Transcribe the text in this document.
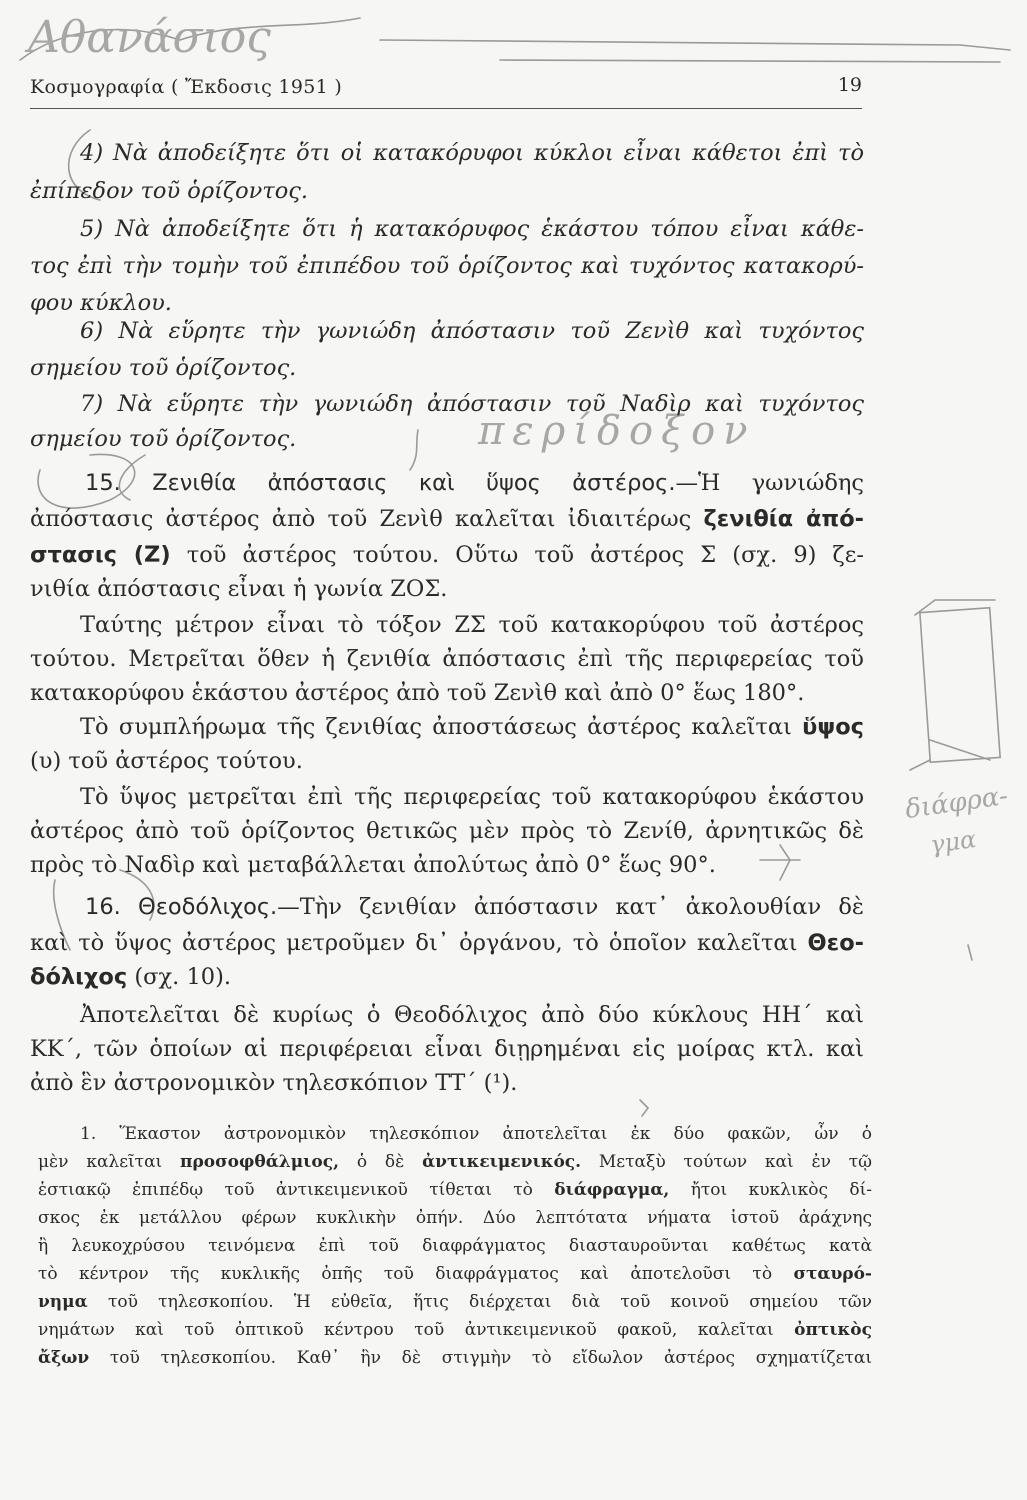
Αθανάσιος
περίδοξον
διάφρα-
γμα
Κοσμογραφία ( Ἔκδοσις 1951 )	19
4) Νὰ ἀποδείξητε ὅτι οἱ κατακόρυφοι κύκλοι εἶναι κάθετοι ἐπὶ τὸ
ἐπίπεδον τοῦ ὁρίζοντος.
5) Νὰ ἀποδείξητε ὅτι ἡ κατακόρυφος ἑκάστου τόπου εἶναι κάθε-
τος ἐπὶ τὴν τομὴν τοῦ ἐπιπέδου τοῦ ὁρίζοντος καὶ τυχόντος κατακορύ-
φου κύκλου.
6) Νὰ εὕρητε τὴν γωνιώδη ἀπόστασιν τοῦ Ζενὶθ καὶ τυχόντος
σημείου τοῦ ὁρίζοντος.
7) Νὰ εὕρητε τὴν γωνιώδη ἀπόστασιν τοῦ Ναδὶρ καὶ τυχόντος
σημείου τοῦ ὁρίζοντος.
15. Ζενιθία ἀπόστασις καὶ ὕψος ἀστέρος.—Ἡ γωνιώδης
ἀπόστασις ἀστέρος ἀπὸ τοῦ Ζενὶθ καλεῖται ἰδιαιτέρως ζενιθία ἀπό-
στασις (Ζ) τοῦ ἀστέρος τούτου. Οὕτω τοῦ ἀστέρος Σ (σχ. 9) ζε-
νιθία ἀπόστασις εἶναι ἡ γωνία ΖΟΣ.
Ταύτης μέτρον εἶναι τὸ τόξον ΖΣ τοῦ κατακορύφου τοῦ ἀστέρος
τούτου. Μετρεῖται ὅθεν ἡ ζενιθία ἀπόστασις ἐπὶ τῆς περιφερείας τοῦ
κατακορύφου ἑκάστου ἀστέρος ἀπὸ τοῦ Ζενὶθ καὶ ἀπὸ 0° ἕως 180°.
Τὸ συμπλήρωμα τῆς ζενιθίας ἀποστάσεως ἀστέρος καλεῖται ὕψος
(υ) τοῦ ἀστέρος τούτου.
Τὸ ὕψος μετρεῖται ἐπὶ τῆς περιφερείας τοῦ κατακορύφου ἑκάστου
ἀστέρος ἀπὸ τοῦ ὁρίζοντος θετικῶς μὲν πρὸς τὸ Ζενίθ, ἀρνητικῶς δὲ
πρὸς τὸ Ναδὶρ καὶ μεταβάλλεται ἀπολύτως ἀπὸ 0° ἕως 90°.
16. Θεοδόλιχος.—Τὴν ζενιθίαν ἀπόστασιν κατ᾽ ἀκολουθίαν δὲ
καὶ τὸ ὕψος ἀστέρος μετροῦμεν δι᾽ ὀργάνου, τὸ ὁποῖον καλεῖται Θεο-
δόλιχος (σχ. 10).
Ἀποτελεῖται δὲ κυρίως ὁ Θεοδόλιχος ἀπὸ δύο κύκλους ΗΗ΄ καὶ
ΚΚ΄, τῶν ὁποίων αἱ περιφέρειαι εἶναι διῃρημέναι εἰς μοίρας κτλ. καὶ
ἀπὸ ἓν ἀστρονομικὸν τηλεσκόπιον ΤΤ΄ (¹).
1. Ἕκαστον ἀστρονομικὸν τηλεσκόπιον ἀποτελεῖται ἐκ δύο φακῶν, ὧν ὁ
μὲν καλεῖται προσοφθάλμιος, ὁ δὲ ἀντικειμενικός. Μεταξὺ τούτων καὶ ἐν τῷ
ἑστιακῷ ἐπιπέδῳ τοῦ ἀντικειμενικοῦ τίθεται τὸ διάφραγμα, ἤτοι κυκλικὸς δί-
σκος ἐκ μετάλλου φέρων κυκλικὴν ὀπήν. Δύο λεπτότατα νήματα ἱστοῦ ἀράχνης
ἢ λευκοχρύσου τεινόμενα ἐπὶ τοῦ διαφράγματος διασταυροῦνται καθέτως κατὰ
τὸ κέντρον τῆς κυκλικῆς ὀπῆς τοῦ διαφράγματος καὶ ἀποτελοῦσι τὸ σταυρό-
νημα τοῦ τηλεσκοπίου. Ἡ εὐθεῖα, ἥτις διέρχεται διὰ τοῦ κοινοῦ σημείου τῶν
νημάτων καὶ τοῦ ὀπτικοῦ κέντρου τοῦ ἀντικειμενικοῦ φακοῦ, καλεῖται ὀπτικὸς
ἄξων τοῦ τηλεσκοπίου. Καθ᾽ ἣν δὲ στιγμὴν τὸ εἴδωλον ἀστέρος σχηματίζεται
